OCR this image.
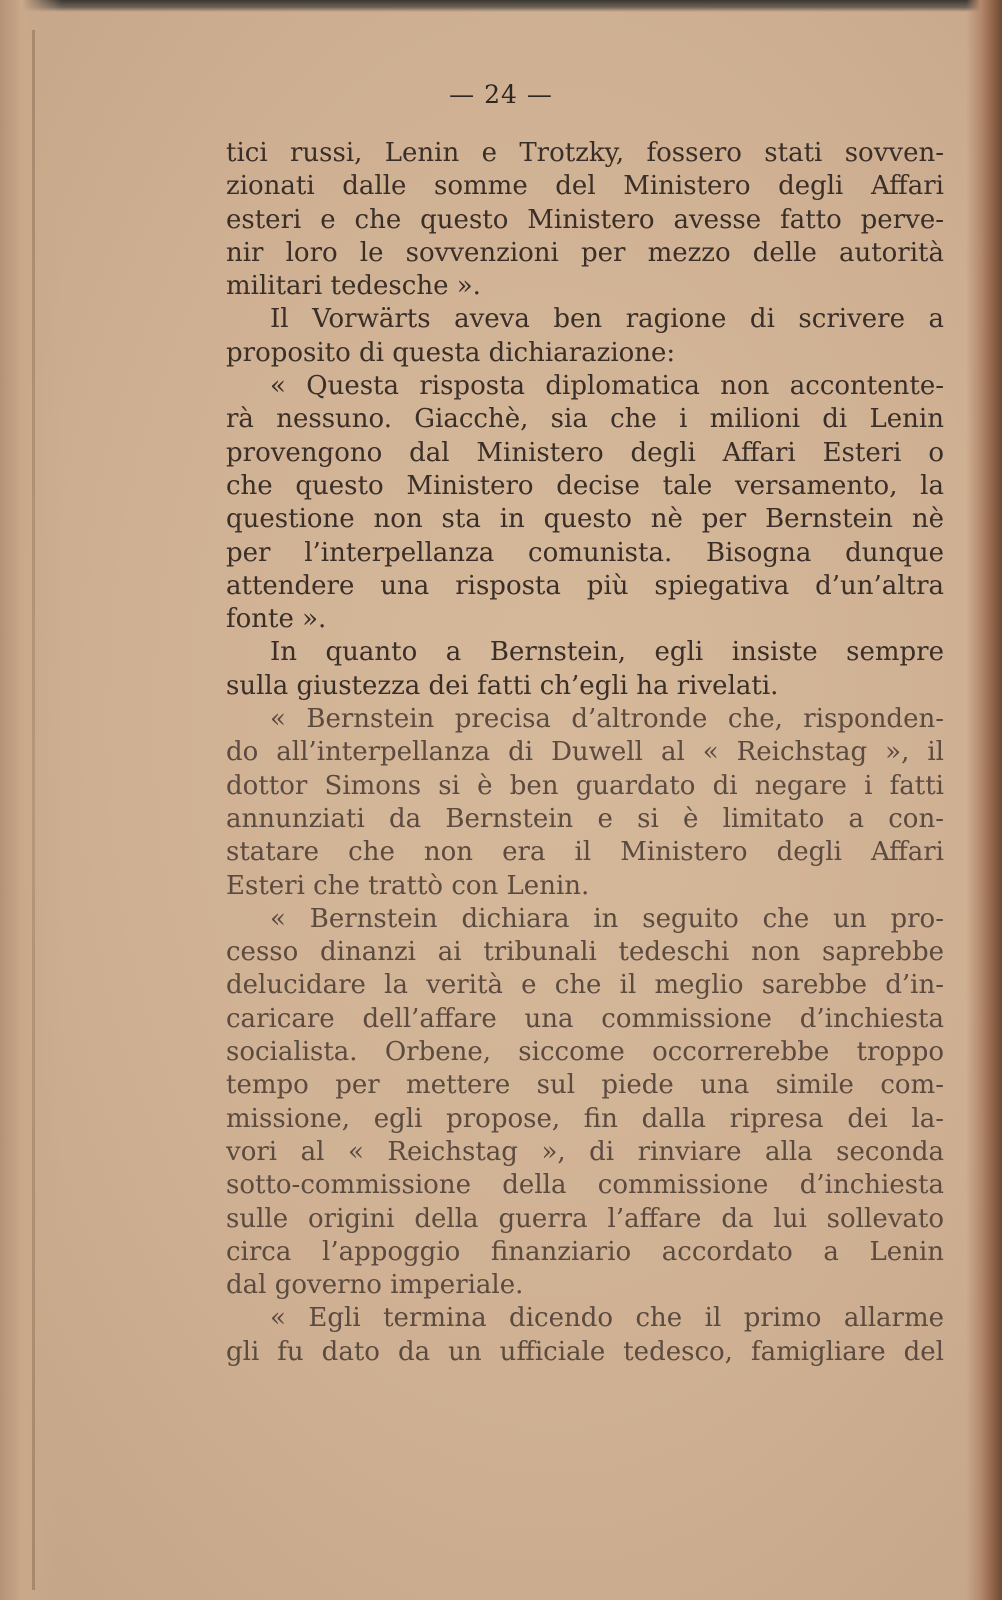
— 24 —
tici russi, Lenin e Trotzky, fossero stati sovven-
zionati dalle somme del Ministero degli Affari
esteri e che questo Ministero avesse fatto perve-
nir loro le sovvenzioni per mezzo delle autorità
militari tedesche ».
Il Vorwärts aveva ben ragione di scrivere a
proposito di questa dichiarazione:
« Questa risposta diplomatica non accontente-
rà nessuno. Giacchè, sia che i milioni di Lenin
provengono dal Ministero degli Affari Esteri o
che questo Ministero decise tale versamento, la
questione non sta in questo nè per Bernstein nè
per l’interpellanza comunista. Bisogna dunque
attendere una risposta più spiegativa d’un’altra
fonte ».
In quanto a Bernstein, egli insiste sempre
sulla giustezza dei fatti ch’egli ha rivelati.
« Bernstein precisa d’altronde che, risponden-
do all’interpellanza di Duwell al « Reichstag », il
dottor Simons si è ben guardato di negare i fatti
annunziati da Bernstein e si è limitato a con-
statare che non era il Ministero degli Affari
Esteri che trattò con Lenin.
« Bernstein dichiara in seguito che un pro-
cesso dinanzi ai tribunali tedeschi non saprebbe
delucidare la verità e che il meglio sarebbe d’in-
caricare dell’affare una commissione d’inchiesta
socialista. Orbene, siccome occorrerebbe troppo
tempo per mettere sul piede una simile com-
missione, egli propose, fin dalla ripresa dei la-
vori al « Reichstag », di rinviare alla seconda
sotto-commissione della commissione d’inchiesta
sulle origini della guerra l’affare da lui sollevato
circa l’appoggio finanziario accordato a Lenin
dal governo imperiale.
« Egli termina dicendo che il primo allarme
gli fu dato da un ufficiale tedesco, famigliare del
